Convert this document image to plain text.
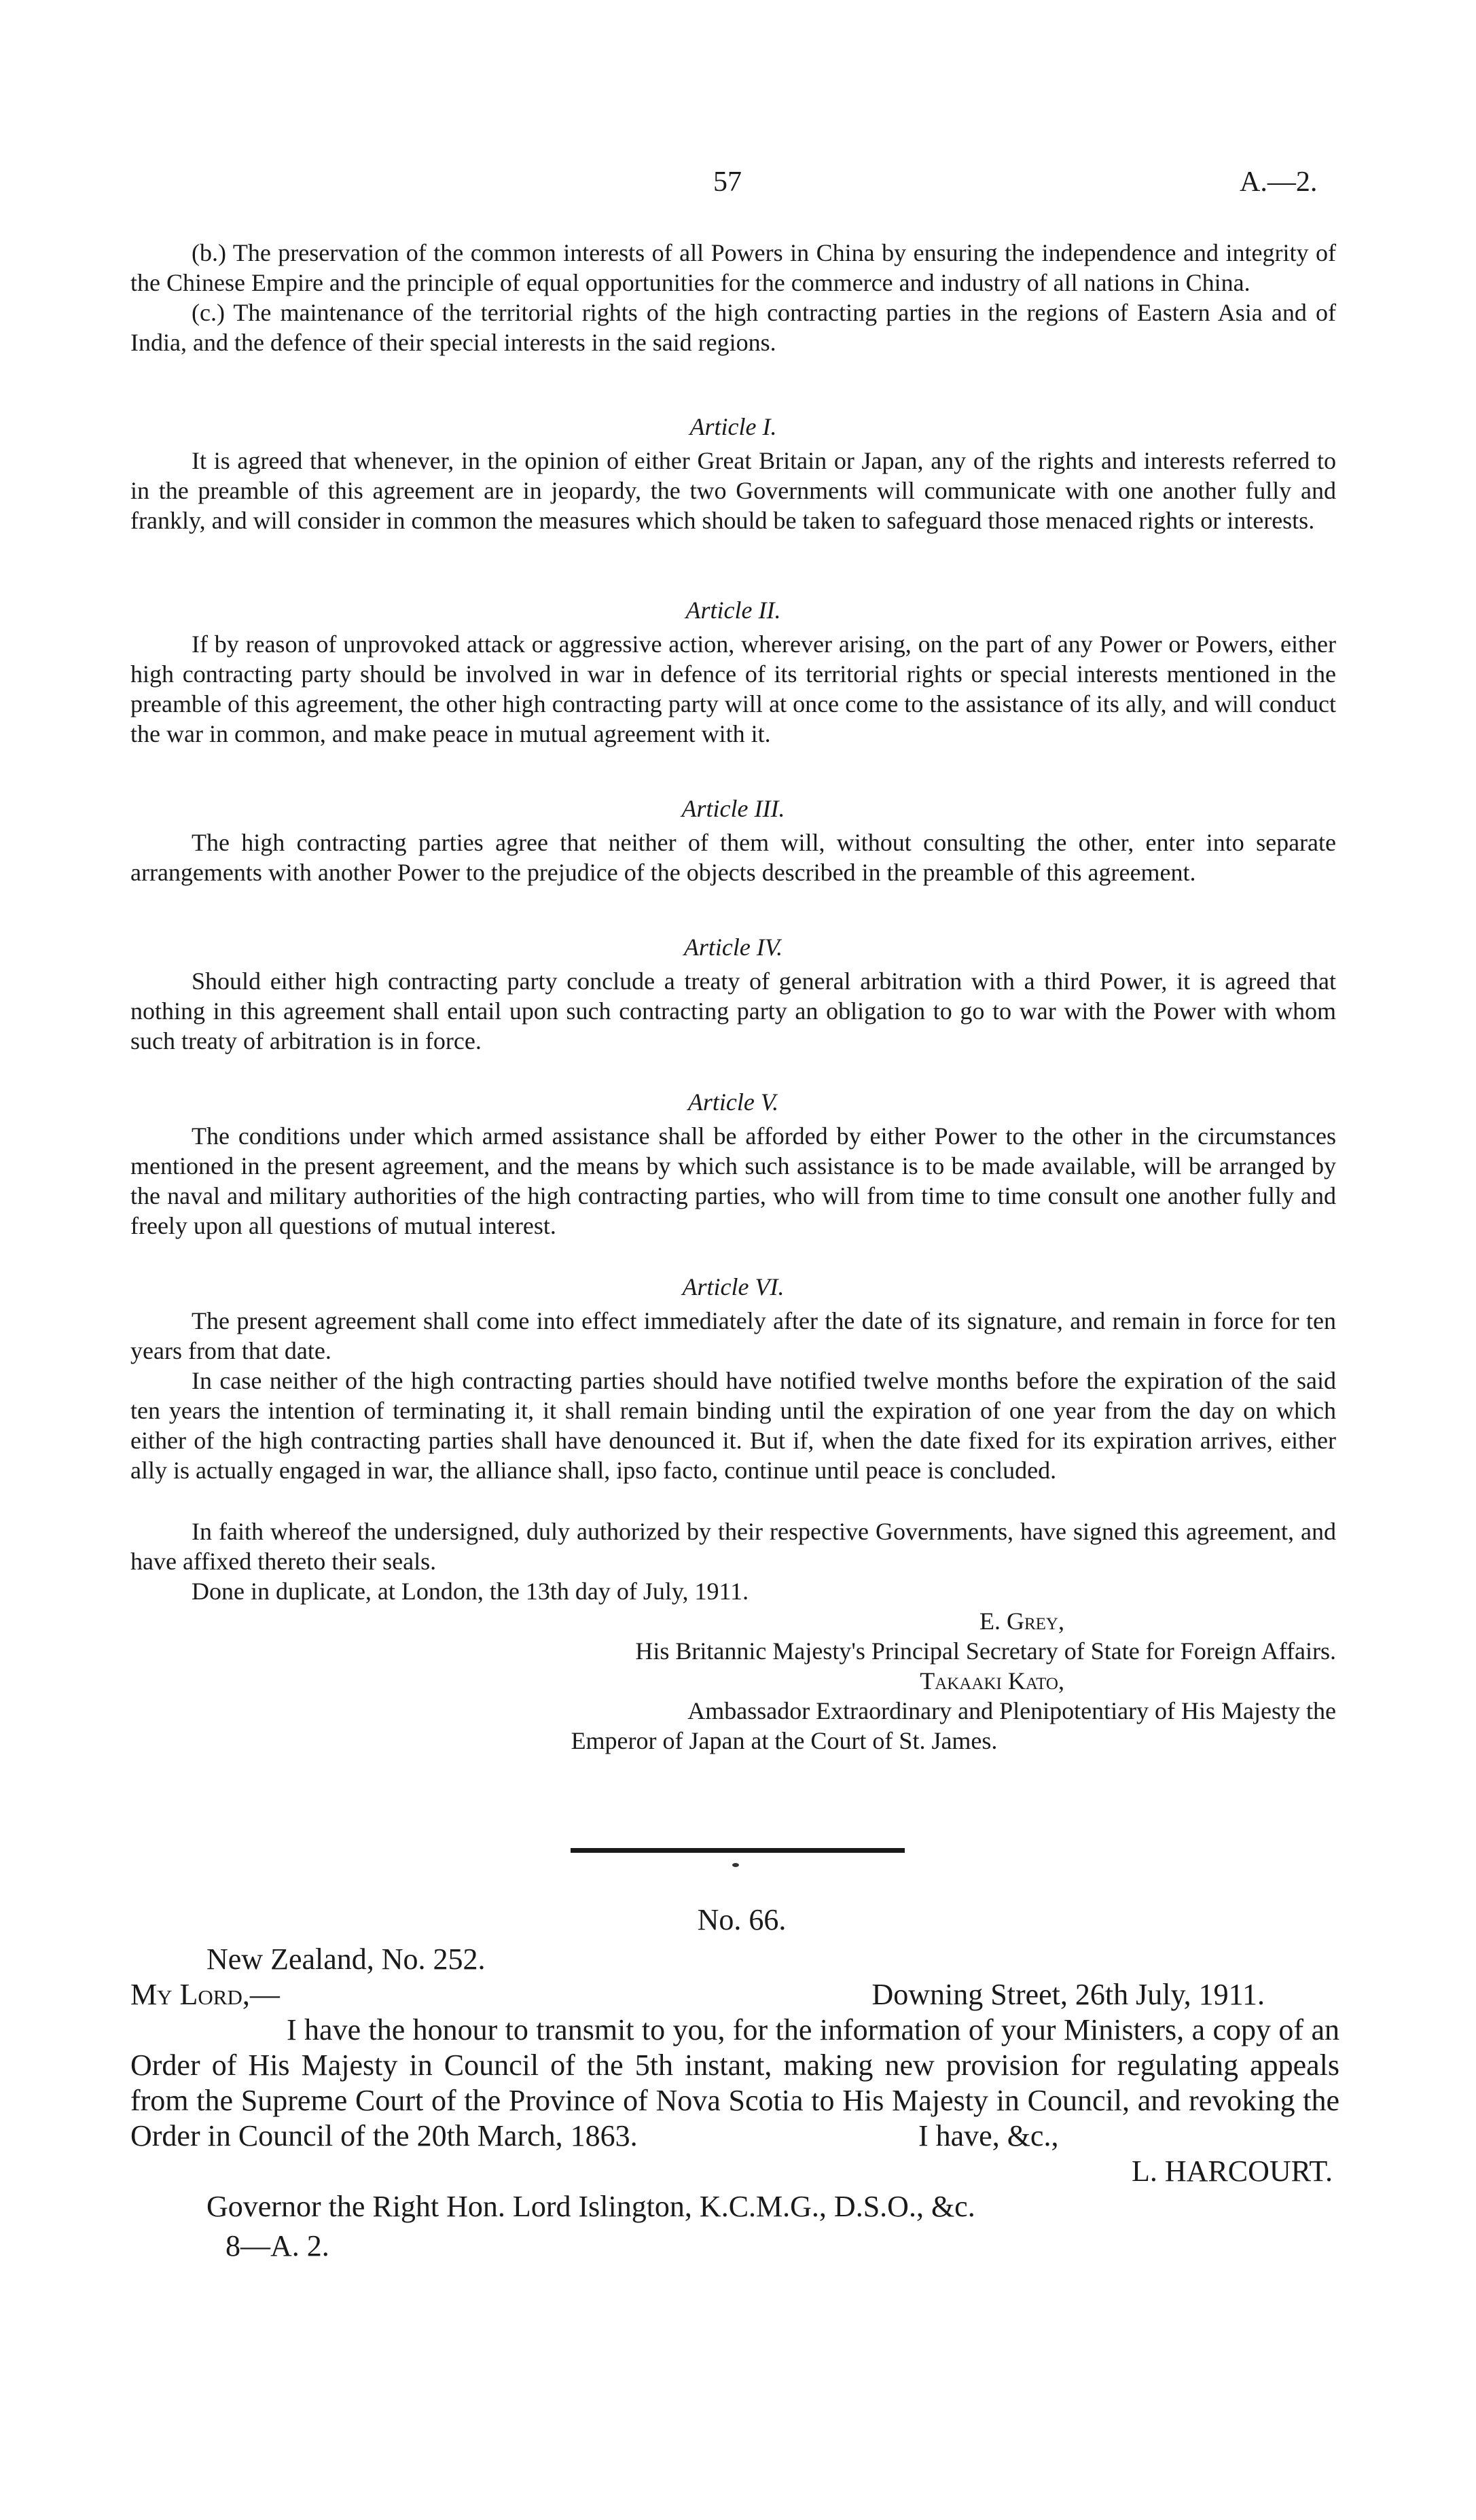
57	A.—2.

(b.) The preservation of the common interests of all Powers in China by ensuring the independence and integrity of the Chinese Empire and the principle of equal opportunities for the commerce and industry of all nations in China.

(c.) The maintenance of the territorial rights of the high contracting parties in the regions of Eastern Asia and of India, and the defence of their special interests in the said regions.

Article I.

It is agreed that whenever, in the opinion of either Great Britain or Japan, any of the rights and interests referred to in the preamble of this agreement are in jeopardy, the two Governments will communicate with one another fully and frankly, and will consider in common the measures which should be taken to safeguard those menaced rights or interests.

Article II.

If by reason of unprovoked attack or aggressive action, wherever arising, on the part of any Power or Powers, either high contracting party should be involved in war in defence of its territorial rights or special interests mentioned in the preamble of this agreement, the other high contracting party will at once come to the assistance of its ally, and will conduct the war in common, and make peace in mutual agreement with it.

Article III.

The high contracting parties agree that neither of them will, without consulting the other, enter into separate arrangements with another Power to the prejudice of the objects described in the preamble of this agreement.

Article IV.

Should either high contracting party conclude a treaty of general arbitration with a third Power, it is agreed that nothing in this agreement shall entail upon such contracting party an obligation to go to war with the Power with whom such treaty of arbitration is in force.

Article V.

The conditions under which armed assistance shall be afforded by either Power to the other in the circumstances mentioned in the present agreement, and the means by which such assistance is to be made available, will be arranged by the naval and military authorities of the high contracting parties, who will from time to time consult one another fully and freely upon all questions of mutual interest.

Article VI.

The present agreement shall come into effect immediately after the date of its signature, and remain in force for ten years from that date.

In case neither of the high contracting parties should have notified twelve months before the expiration of the said ten years the intention of terminating it, it shall remain binding until the expiration of one year from the day on which either of the high contracting parties shall have denounced it. But if, when the date fixed for its expiration arrives, either ally is actually engaged in war, the alliance shall, ipso facto, continue until peace is concluded.

In faith whereof the undersigned, duly authorized by their respective Governments, have signed this agreement, and have affixed thereto their seals.

Done in duplicate, at London, the 13th day of July, 1911.

E. Grey,

His Britannic Majesty's Principal Secretary of State for Foreign Affairs.

Takaaki Kato,

Ambassador Extraordinary and Plenipotentiary of His Majesty the

Emperor of Japan at the Court of St. James.

No. 66.

New Zealand, No. 252.

My Lord,—	Downing Street, 26th July, 1911.

I have the honour to transmit to you, for the information of your Ministers, a copy of an Order of His Majesty in Council of the 5th instant, making new provision for regulating appeals from the Supreme Court of the Province of Nova Scotia to His Majesty in Council, and revoking the Order in Council of the 20th March, 1863.	I have, &c.,

L. HARCOURT.

Governor the Right Hon. Lord Islington, K.C.M.G., D.S.O., &c.

8—A. 2.
